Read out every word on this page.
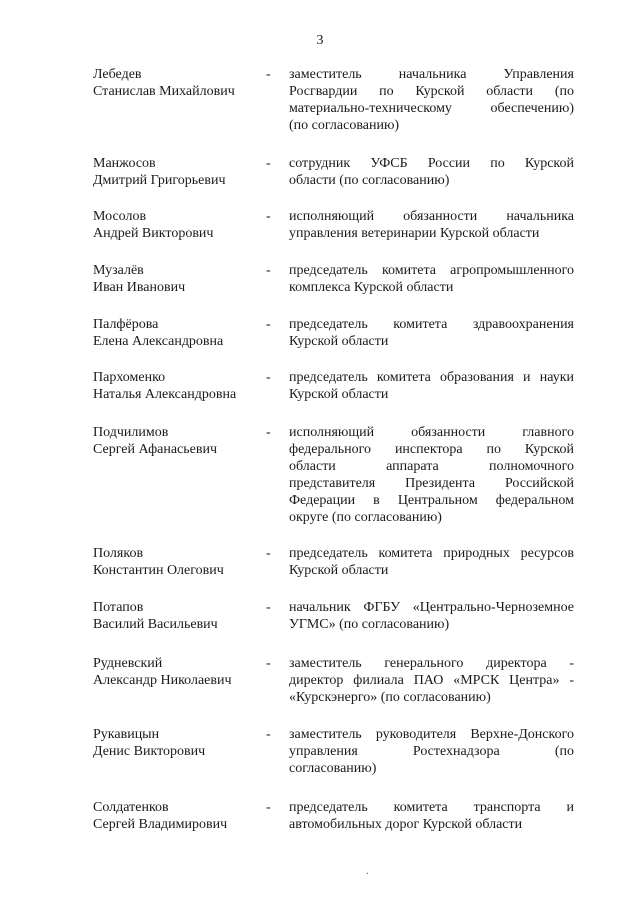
3
Лебедев
Станислав Михайлович
- заместитель начальника Управления
Росгвардии по Курской области (по
материально-техническому обеспечению)
(по согласованию)
Манжосов
Дмитрий Григорьевич
- сотрудник УФСБ России по Курской
области (по согласованию)
Мосолов
Андрей Викторович
- исполняющий обязанности начальника
управления ветеринарии Курской области
Музалёв
Иван Иванович
- председатель комитета агропромышленного
комплекса Курской области
Палфёрова
Елена Александровна
- председатель комитета здравоохранения
Курской области
Пархоменко
Наталья Александровна
- председатель комитета образования и науки
Курской области
Подчилимов
Сергей Афанасьевич
- исполняющий обязанности главного
федерального инспектора по Курской
области аппарата полномочного
представителя Президента Российской
Федерации в Центральном федеральном
округе (по согласованию)
Поляков
Константин Олегович
- председатель комитета природных ресурсов
Курской области
Потапов
Василий Васильевич
- начальник ФГБУ «Центрально-Черноземное
УГМС» (по согласованию)
Рудневский
Александр Николаевич
- заместитель генерального директора -
директор филиала ПАО «МРСК Центра» -
«Курскэнерго» (по согласованию)
Рукавицын
Денис Викторович
- заместитель руководителя Верхне-Донского
управления Ростехнадзора (по
согласованию)
Солдатенков
Сергей Владимирович
- председатель комитета транспорта и
автомобильных дорог Курской области
.
